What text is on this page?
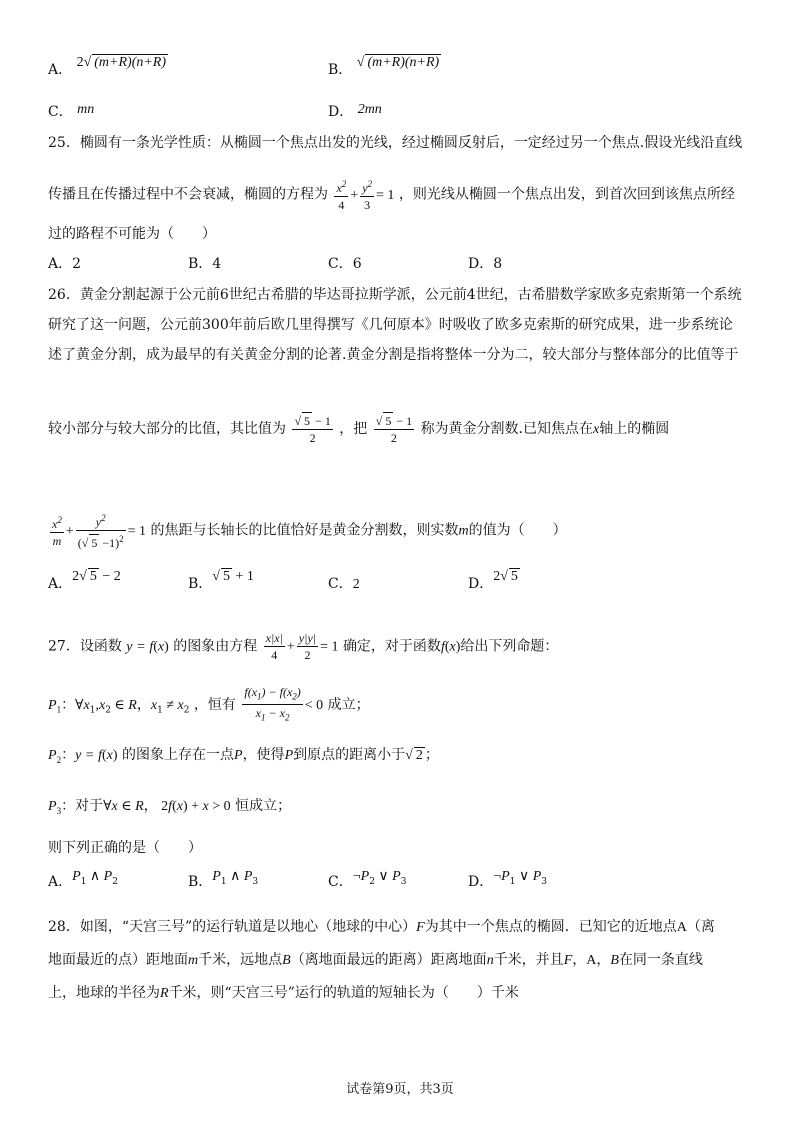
A． 2√ (m+R)(n+R)	B． √ (m+R)(n+R)
C． mn	D． 2mn
25．椭圆有一条光学性质：从椭圆一个焦点出发的光线，经过椭圆反射后，一定经过另一个焦点.假设光线沿直线
传播且在传播过程中不会衰减，椭圆的方程为 $\frac{x^2}{4} + \frac{y^2}{3} = 1$ ，则光线从椭圆一个焦点出发，到首次回到该焦点所经
过的路程不可能为（　　）
A．2	B．4	C．6	D．8
26．黄金分割起源于公元前6世纪古希腊的毕达哥拉斯学派，公元前4世纪，古希腊数学家欧多克索斯第一个系统
研究了这一问题，公元前300年前后欧几里得撰写《几何原本》时吸收了欧多克索斯的研究成果，进一步系统论
述了黄金分割，成为最早的有关黄金分割的论著.黄金分割是指将整体一分为二，较大部分与整体部分的比值等于
较小部分与较大部分的比值，其比值为 $\frac{√ 5 - 1}{2}$ ，把 $\frac{√ 5 - 1}{2}$ 称为黄金分割数.已知焦点在x轴上的椭圆
$\frac{x^2}{m} + \frac{y^2}{(√ 5 -1)^2} = 1$ 的焦距与长轴长的比值恰好是黄金分割数，则实数m的值为（　　）
A．2√ 5 − 2	B．√ 5 + 1	C．2	D．2√ 5
27．设函数 y = f(x) 的图象由方程 $\frac{x|x|}{4} + \frac{y|y|}{2} = 1$ 确定，对于函数f(x)给出下列命题：
$P_1$：$\forall x_1,x_2$ ∈ R，$x_1 \ne x_2$ ，恒有 $\frac{f(x_1) - f(x_2)}{x_1 - x_2} < 0$ 成立；
$P_2$：y = f(x) 的图象上存在一点P，使得P到原点的距离小于√ 2 ；
$P_3$：对于∀x ∈ R， 2f(x) + x > 0 恒成立；
则下列正确的是（　　）
A．$P_1$ ∧ $P_2$	B．$P_1$ ∧ $P_3$	C．$\neg P_2$ ∨ $P_3$	D．$\neg P_1$ ∨ $P_3$
28．如图，“天宫三号”的运行轨道是以地心（地球的中心）F为其中一个焦点的椭圆．已知它的近地点A（离
地面最近的点）距地面m千米，远地点B（离地面最远的距离）距离地面n千米，并且F，A，B在同一条直线
上，地球的半径为R千米，则“天宫三号”运行的轨道的短轴长为（　　）千米
试卷第9页，共3页
